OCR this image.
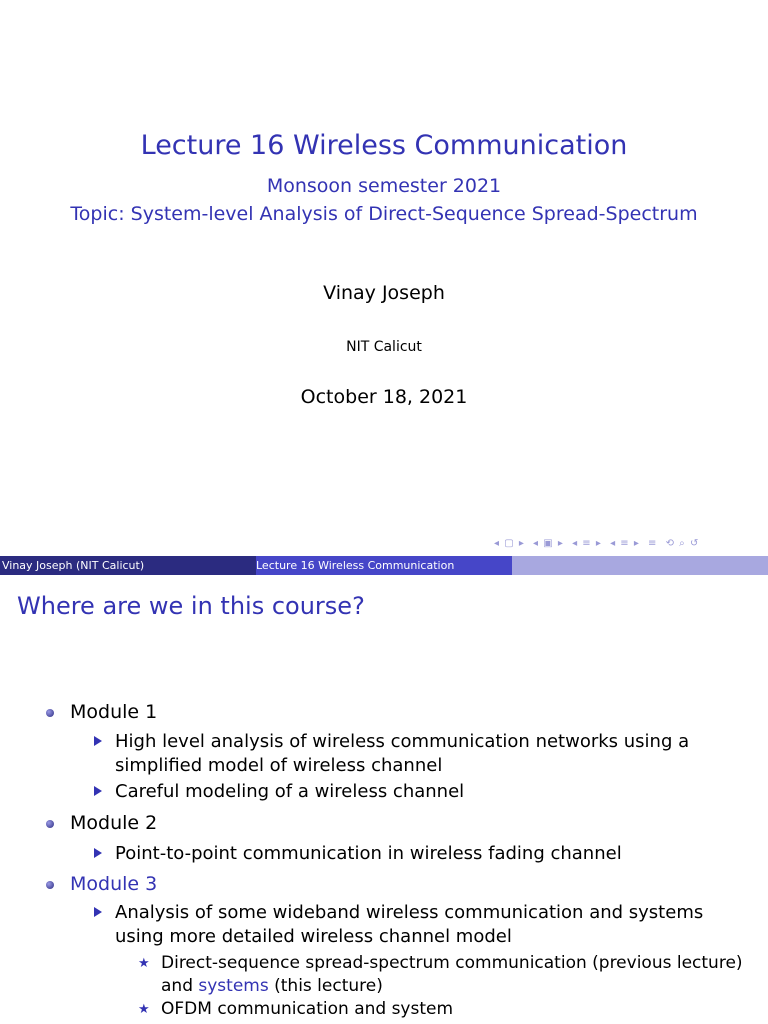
Lecture 16 Wireless Communication
Monsoon semester 2021
Topic: System-level Analysis of Direct-Sequence Spread-Spectrum
Vinay Joseph
NIT Calicut
October 18, 2021
◂ ▢ ▸ ◂ ▣ ▸ ◂ ≡ ▸ ◂ ≡ ▸ ≡ ⟲ ⌕ ↺
Vinay Joseph (NIT Calicut)	Lecture 16 Wireless Communication
Where are we in this course?
Module 1
High level analysis of wireless communication networks using a simplified model of wireless channel
Careful modeling of a wireless channel
Module 2
Point-to-point communication in wireless fading channel
Module 3
Analysis of some wideband wireless communication and systems using more detailed wireless channel model
★ Direct-sequence spread-spectrum communication (previous lecture) and systems (this lecture)
★ OFDM communication and system
